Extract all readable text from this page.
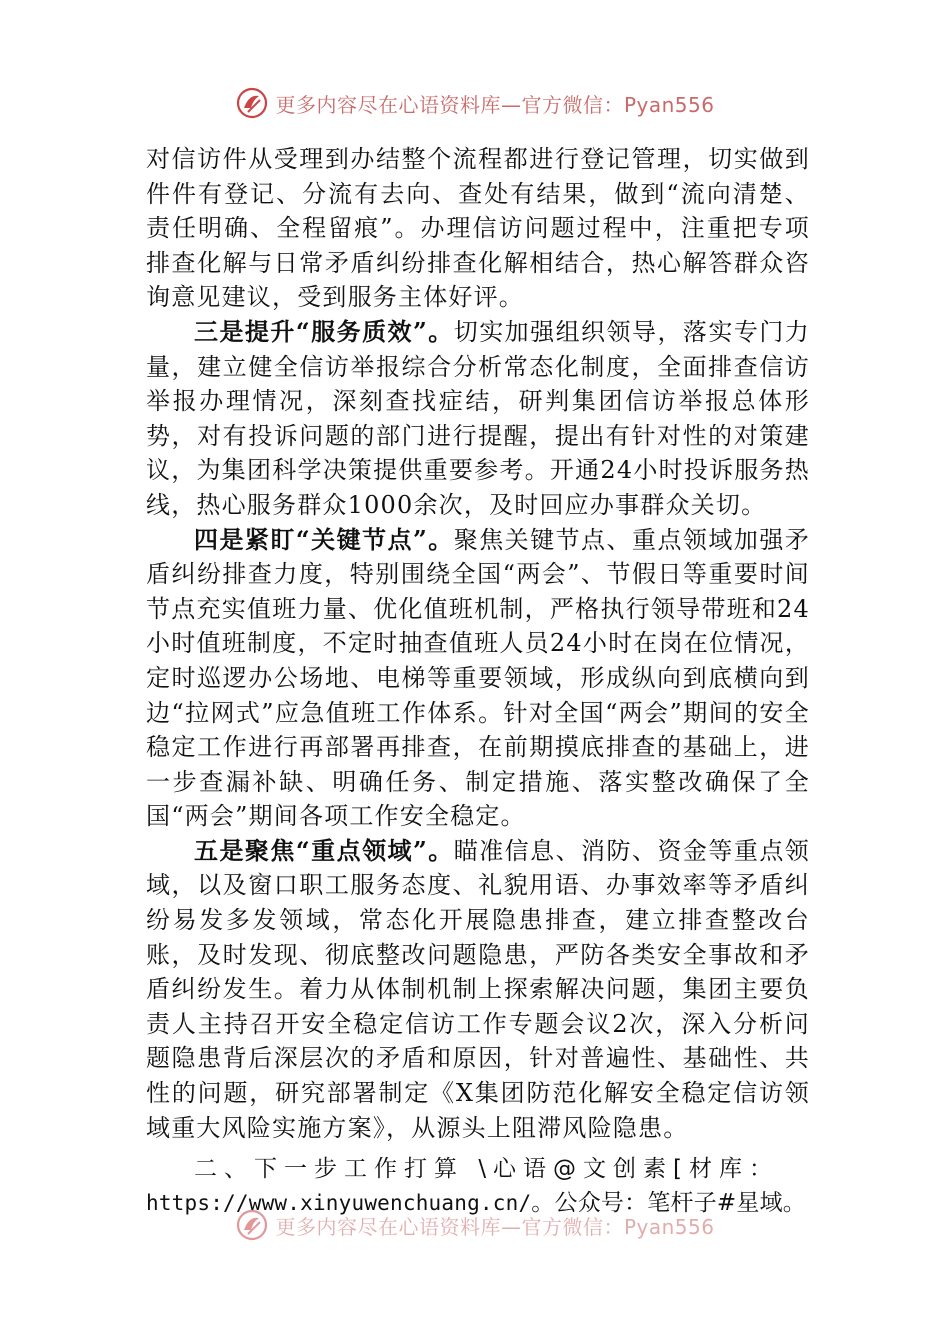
更多内容尽在心语资料库—官方微信：Pyan556

对信访件从受理到办结整个流程都进行登记管理，切实做到件件有登记、分流有去向、查处有结果，做到“流向清楚、责任明确、全程留痕”。办理信访问题过程中，注重把专项排查化解与日常矛盾纠纷排查化解相结合，热心解答群众咨询意见建议，受到服务主体好评。

三是提升“服务质效”。切实加强组织领导，落实专门力量，建立健全信访举报综合分析常态化制度，全面排查信访举报办理情况，深刻查找症结，研判集团信访举报总体形势，对有投诉问题的部门进行提醒，提出有针对性的对策建议，为集团科学决策提供重要参考。开通24小时投诉服务热线，热心服务群众1000余次，及时回应办事群众关切。

四是紧盯“关键节点”。聚焦关键节点、重点领域加强矛盾纠纷排查力度，特别围绕全国“两会”、节假日等重要时间节点充实值班力量、优化值班机制，严格执行领导带班和24小时值班制度，不定时抽查值班人员24小时在岗在位情况，定时巡逻办公场地、电梯等重要领域，形成纵向到底横向到边“拉网式”应急值班工作体系。针对全国“两会”期间的安全稳定工作进行再部署再排查，在前期摸底排查的基础上，进一步查漏补缺、明确任务、制定措施、落实整改确保了全国“两会”期间各项工作安全稳定。

五是聚焦“重点领域”。瞄准信息、消防、资金等重点领域，以及窗口职工服务态度、礼貌用语、办事效率等矛盾纠纷易发多发领域，常态化开展隐患排查，建立排查整改台账，及时发现、彻底整改问题隐患，严防各类安全事故和矛盾纠纷发生。着力从体制机制上探索解决问题，集团主要负责人主持召开安全稳定信访工作专题会议2次，深入分析问题隐患背后深层次的矛盾和原因，针对普遍性、基础性、共性的问题，研究部署制定《X集团防范化解安全稳定信访领域重大风险实施方案》，从源头上阻滞风险隐患。

二、下一步工作打算 \心语@文创素[材库：
https://www.xinyuwenchuang.cn/。公众号：笔杆子#星域。
更多内容尽在心语资料库—官方微信：Pyan556
